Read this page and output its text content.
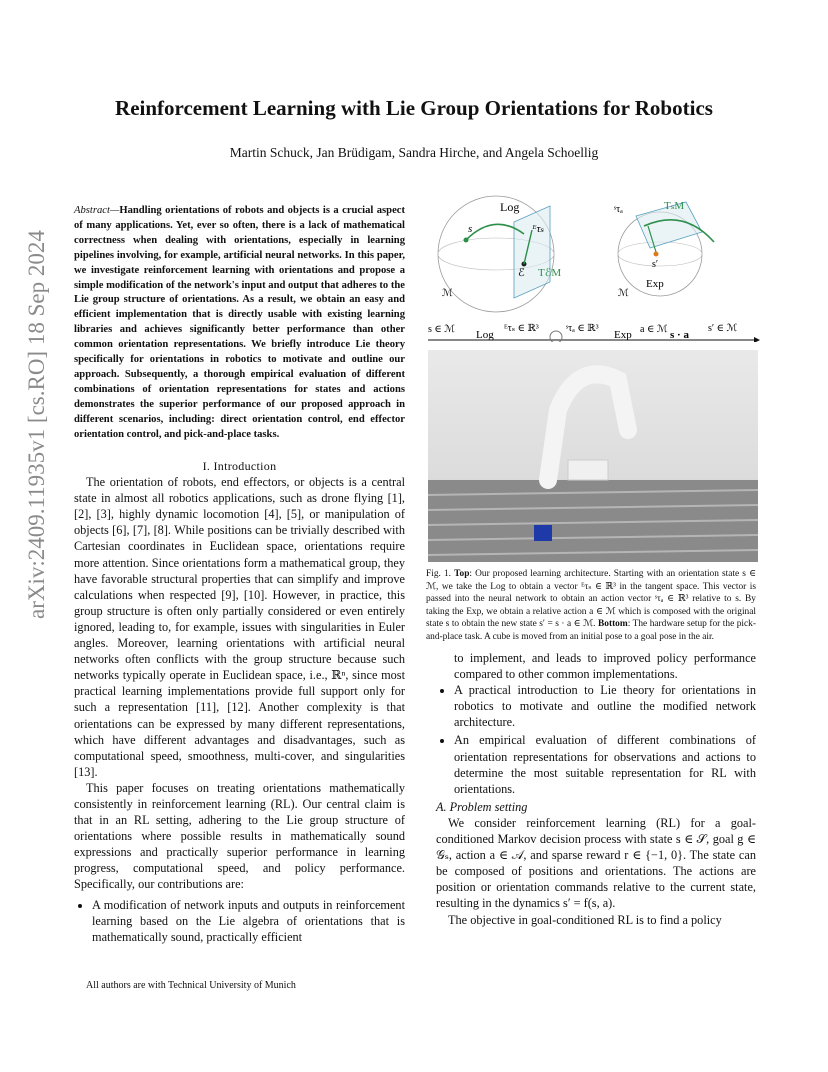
Reinforcement Learning with Lie Group Orientations for Robotics
Martin Schuck, Jan Brüdigam, Sandra Hirche, and Angela Schoellig
arXiv:2409.11935v1 [cs.RO] 18 Sep 2024
Abstract—Handling orientations of robots and objects is a crucial aspect of many applications. Yet, ever so often, there is a lack of mathematical correctness when dealing with orientations, especially in learning pipelines involving, for example, artificial neural networks. In this paper, we investigate reinforcement learning with orientations and propose a simple modification of the network's input and output that adheres to the Lie group structure of orientations. As a result, we obtain an easy and efficient implementation that is directly usable with existing learning libraries and achieves significantly better performance than other common orientation representations. We briefly introduce Lie theory specifically for orientations in robotics to motivate and outline our approach. Subsequently, a thorough empirical evaluation of different combinations of orientation representations for states and actions demonstrates the superior performance of our proposed approach in different scenarios, including: direct orientation control, end effector orientation control, and pick-and-place tasks.

I. Introduction

The orientation of robots, end effectors, or objects is a central state in almost all robotics applications, such as drone flying [1], [2], [3], highly dynamic locomotion [4], [5], or manipulation of objects [6], [7], [8]. While positions can be trivially described with Cartesian coordinates in Euclidean space, orientations require more attention. Since orientations form a mathematical group, they have favorable structural properties that can simplify and improve calculations when respected [9], [10]. However, in practice, this group structure is often only partially considered or even entirely ignored, leading to, for example, issues with singularities in Euler angles. Moreover, learning orientations with artificial neural networks often conflicts with the group structure because such networks typically operate in Euclidean space, i.e., ℝⁿ, since most practical learning implementations provide full support only for such a representation [11], [12]. Another complexity is that orientations can be expressed by many different representations, which have different advantages and disadvantages, such as computational speed, smoothness, multi-cover, and singularities [13].

This paper focuses on treating orientations mathematically consistently in reinforcement learning (RL). Our central claim is that in an RL setting, adhering to the Lie group structure of orientations where possible results in mathematically sound expressions and practically superior performance in learning progress, computational speed, and policy performance. Specifically, our contributions are:

• A modification of network inputs and outputs in reinforcement learning based on the Lie algebra of orientations that is mathematically sound, practically efficient
All authors are with Technical University of Munich
Log
s	ᴱτₛ
ℰ TℰM
ℳ
ˢτₐ	TₛM
s′
Exp
ℳ
s ∈ ℳ Log
ᴱτₛ ∈ ℝ³	ˢτₐ ∈ ℝ³
Exp a ∈ ℳ s · a
s′ ∈ ℳ
Fig. 1. Top: Our proposed learning architecture. Starting with an orientation state s ∈ ℳ, we take the Log to obtain a vector ᴱτₛ ∈ ℝ³ in the tangent space. This vector is passed into the neural network to obtain an action vector ˢτₐ ∈ ℝ³ relative to s. By taking the Exp, we obtain a relative action a ∈ ℳ which is composed with the original state s to obtain the new state s′ = s · a ∈ ℳ. Bottom: The hardware setup for the pick-and-place task. A cube is moved from an initial pose to a goal pose in the air.

to implement, and leads to improved policy performance compared to other common implementations.

• A practical introduction to Lie theory for orientations in robotics to motivate and outline the modified network architecture.
• An empirical evaluation of different combinations of orientation representations for observations and actions to determine the most suitable representation for RL with orientations.

A. Problem setting

We consider reinforcement learning (RL) for a goal-conditioned Markov decision process with state s ∈ 𝒮, goal g ∈ 𝒢ₛ, action a ∈ 𝒜, and sparse reward r ∈ {−1, 0}. The state can be composed of positions and orientations. The actions are position or orientation commands relative to the current state, resulting in the dynamics s′ = f(s, a).

The objective in goal-conditioned RL is to find a policy
